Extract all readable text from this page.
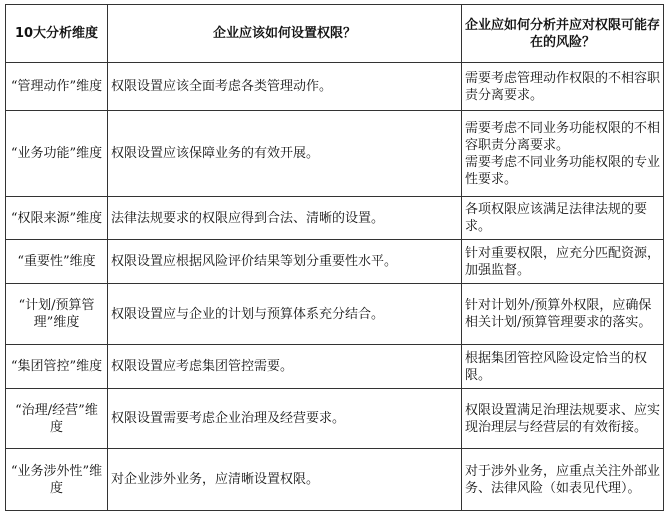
10大分析维度	企业应该如何设置权限？	企业应如何分析并应对权限可能存在的风险？
“管理动作”维度	权限设置应该全面考虑各类管理动作。	需要考虑管理动作权限的不相容职责分离要求。

“业务功能”维度	权限设置应该保障业务的有效开展。	需要考虑不同业务功能权限的不相容职责分离要求。
需要考虑不同业务功能权限的专业性要求。

“权限来源”维度	法律法规要求的权限应得到合法、清晰的设置。	各项权限应该满足法律法规的要求。

“重要性”维度	权限设置应根据风险评价结果等划分重要性水平。	针对重要权限，应充分匹配资源，加强监督。

“计划/预算管理”维度	权限设置应与企业的计划与预算体系充分结合。	针对计划外/预算外权限，应确保相关计划/预算管理要求的落实。

“集团管控”维度	权限设置应考虑集团管控需要。	根据集团管控风险设定恰当的权限。

“治理/经营”维度	权限设置需要考虑企业治理及经营要求。	权限设置满足治理法规要求、应实现治理层与经营层的有效衔接。

“业务涉外性”维度	对企业涉外业务，应清晰设置权限。	对于涉外业务，应重点关注外部业务、法律风险（如表见代理）。
